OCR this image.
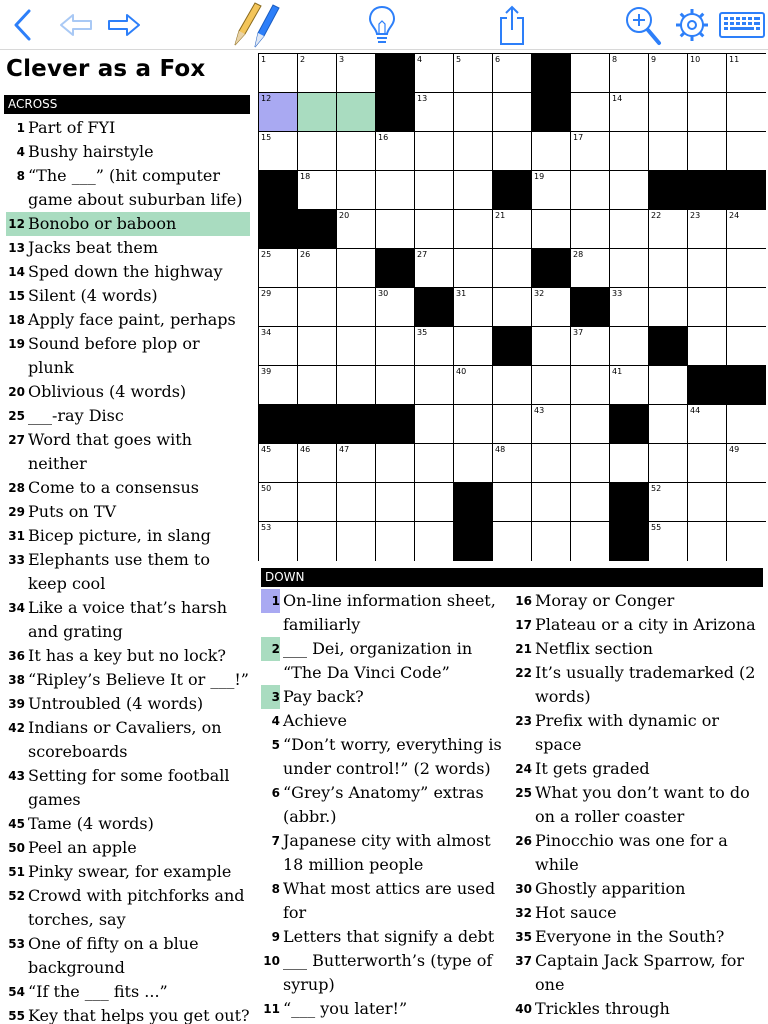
Clever as a Fox
ACROSS
1 Part of FYI
4 Bushy hairstyle
8 “The ___” (hit computer game about suburban life)
12 Bonobo or baboon
13 Jacks beat them
14 Sped down the highway
15 Silent (4 words)
18 Apply face paint, perhaps
19 Sound before plop or plunk
20 Oblivious (4 words)
25 ___-ray Disc
27 Word that goes with neither
28 Come to a consensus
29 Puts on TV
31 Bicep picture, in slang
33 Elephants use them to keep cool
34 Like a voice that’s harsh and grating
36 It has a key but no lock?
38 “Ripley’s Believe It or ___!”
39 Untroubled (4 words)
42 Indians or Cavaliers, on scoreboards
43 Setting for some football games
45 Tame (4 words)
50 Peel an apple
51 Pinky swear, for example
52 Crowd with pitchforks and torches, say
53 One of fifty on a blue background
54 “If the ___ fits ...”
55 Key that helps you get out?
1	2	3	4	5	6	7	8	9	10	11
12	13	14
15	16	17
18	19
20	21	22	23	24
25	26	27	28
29	30	31	32	33
34	35	36	37	38
39	40	41
42	43	44
45	46	47	48	49
50	51	52
53	54	55
DOWN
1 On-line information sheet, familiarly
2 ___ Dei, organization in “The Da Vinci Code”
3 Pay back?
4 Achieve
5 “Don’t worry, everything is under control!” (2 words)
6 “Grey’s Anatomy” extras (abbr.)
7 Japanese city with almost 18 million people
8 What most attics are used for
9 Letters that signify a debt
10 ___ Butterworth’s (type of syrup)
11 “___ you later!”
16 Moray or Conger
17 Plateau or a city in Arizona
21 Netflix section
22 It’s usually trademarked (2 words)
23 Prefix with dynamic or space
24 It gets graded
25 What you don’t want to do on a roller coaster
26 Pinocchio was one for a while
30 Ghostly apparition
32 Hot sauce
35 Everyone in the South?
37 Captain Jack Sparrow, for one
40 Trickles through
